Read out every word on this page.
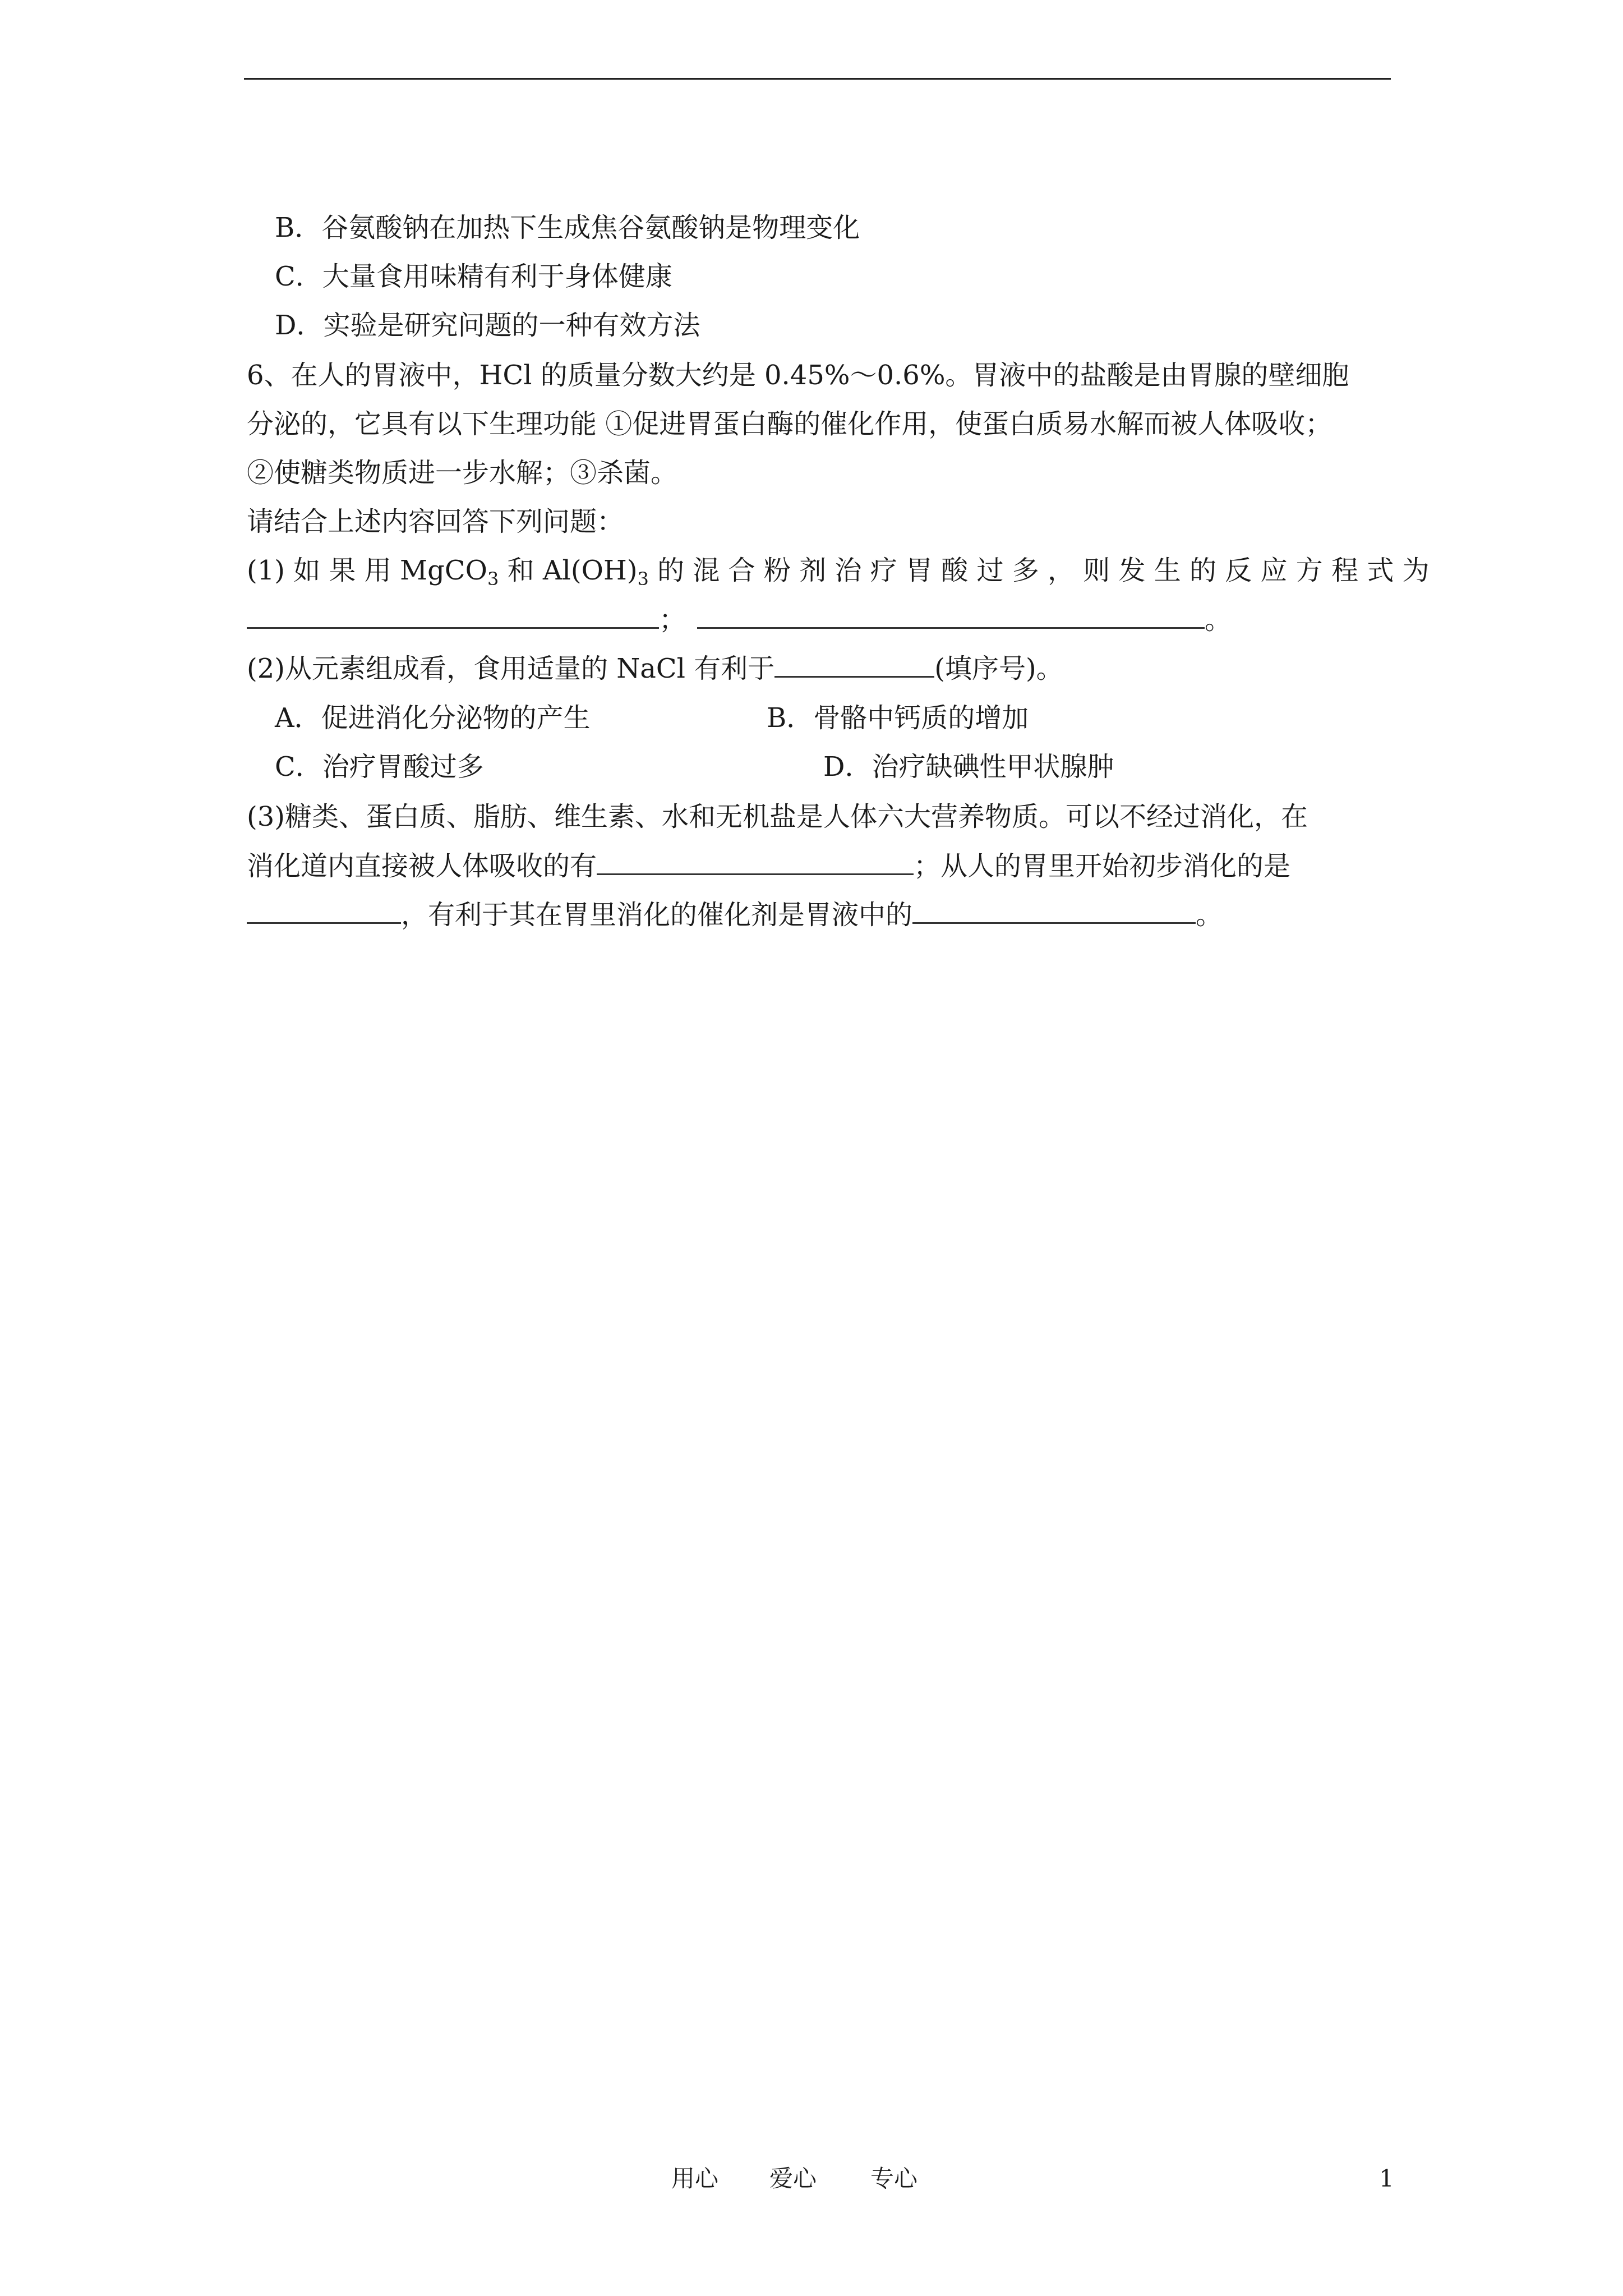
B．谷氨酸钠在加热下生成焦谷氨酸钠是物理变化
C．大量食用味精有利于身体健康
D．实验是研究问题的一种有效方法
6、在人的胃液中，HCl 的质量分数大约是 0.45%～0.6%。胃液中的盐酸是由胃腺的壁细胞
分泌的，它具有以下生理功能 ①促进胃蛋白酶的催化作用，使蛋白质易水解而被人体吸收；
②使糖类物质进一步水解；③杀菌。
请结合上述内容回答下列问题：
(1) 如 果 用 MgCO$_3$ 和 $Al(OH)_3$ 的 混 合 粉 剂 治 疗 胃 酸 过 多 ， 则 发 生 的 反 应 方 程 式 为
；	。
(2)从元素组成看，食用适量的 NaCl 有利于	(填序号)。
A．促进消化分泌物的产生	B．骨骼中钙质的增加
C．治疗胃酸过多	D．治疗缺碘性甲状腺肿
(3)糖类、蛋白质、脂肪、维生素、水和无机盐是人体六大营养物质。可以不经过消化，在
消化道内直接被人体吸收的有	；从人的胃里开始初步消化的是
，有利于其在胃里消化的催化剂是胃液中的	。
用心 爱心 专心	1
